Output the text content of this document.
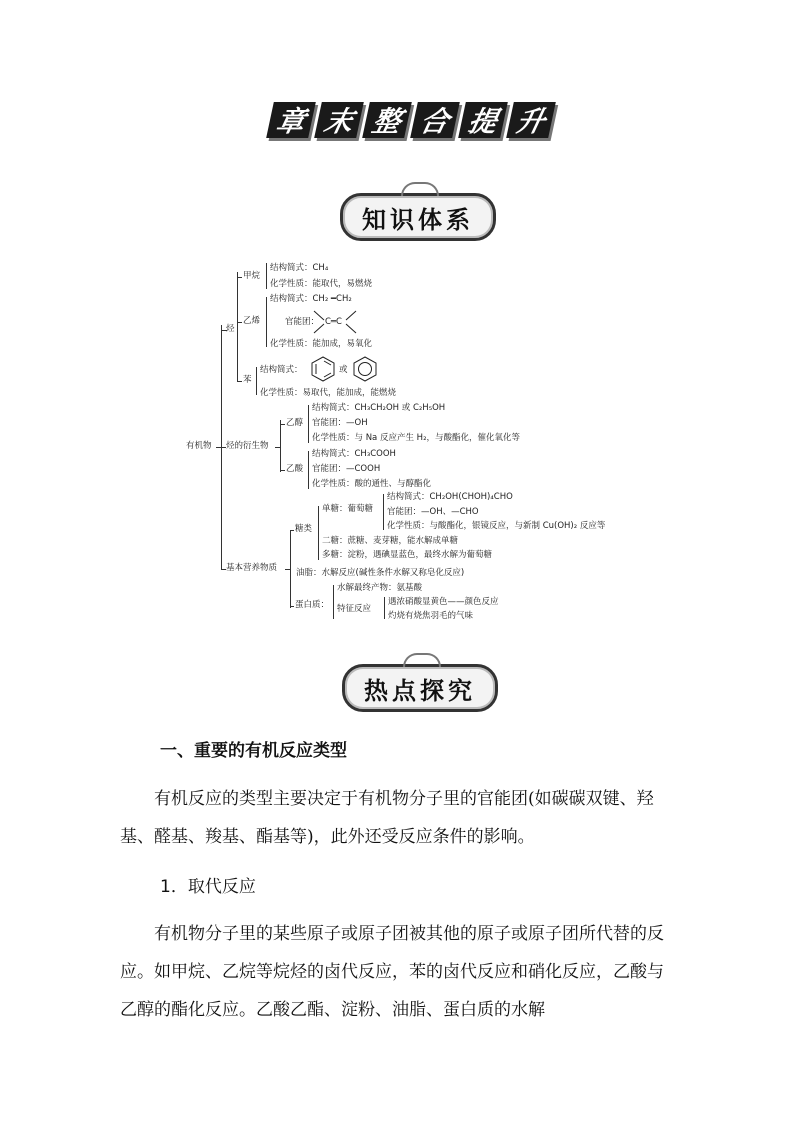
章 末 整 合 提 升
知识体系
有机物
烃
甲烷
结构简式：CH₄
化学性质：能取代，易燃烧
乙烯
结构简式：CH₂ ━CH₂
官能团： C═C
化学性质：能加成，易氧化
苯
结构简式：	或
化学性质：易取代，能加成，能燃烧
烃的衍生物
乙醇
结构简式：CH₃CH₂OH 或 C₂H₅OH
官能团：—OH
化学性质：与 Na 反应产生 H₂，与酸酯化，催化氧化等
乙酸
结构简式：CH₃COOH
官能团：—COOH
化学性质：酸的通性、与醇酯化
基本营养物质
糖类
单糖：葡萄糖
结构简式：CH₂OH(CHOH)₄CHO
官能团：—OH、—CHO
化学性质：与酸酯化，银镜反应，与新制 Cu(OH)₂ 反应等
二糖：蔗糖、麦芽糖，能水解成单糖
多糖：淀粉，遇碘显蓝色，最终水解为葡萄糖
油脂：水解反应(碱性条件水解又称皂化反应)
蛋白质：
水解最终产物：氨基酸
特征反应
遇浓硝酸显黄色——颜色反应
灼烧有烧焦羽毛的气味
热点探究
一、重要的有机反应类型
有机反应的类型主要决定于有机物分子里的官能团(如碳碳双键、羟基、醛基、羧基、酯基等)，此外还受反应条件的影响。
1．取代反应
有机物分子里的某些原子或原子团被其他的原子或原子团所代替的反应。如甲烷、乙烷等烷烃的卤代反应，苯的卤代反应和硝化反应，乙酸与乙醇的酯化反应。乙酸乙酯、淀粉、油脂、蛋白质的水解
